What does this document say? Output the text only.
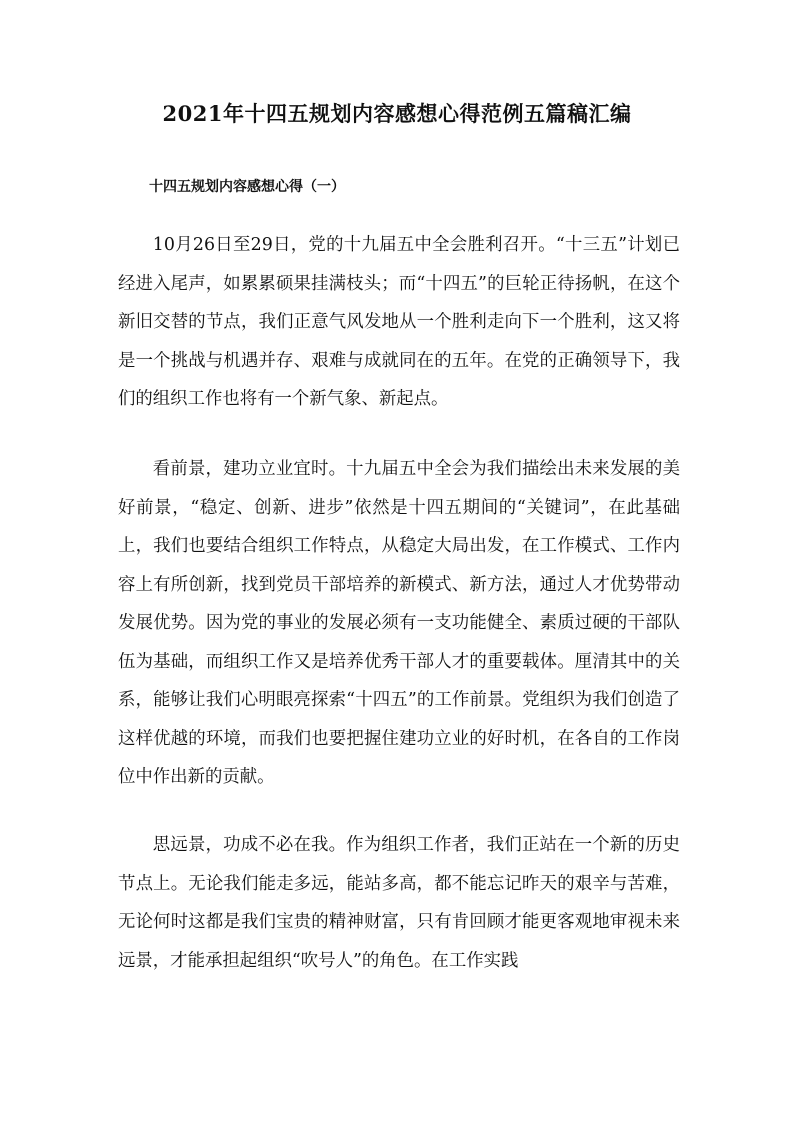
2021年十四五规划内容感想心得范例五篇稿汇编
十四五规划内容感想心得（一）

10月26日至29日，党的十九届五中全会胜利召开。“十三五”计划已经进入尾声，如累累硕果挂满枝头；而“十四五”的巨轮正待扬帆，在这个新旧交替的节点，我们正意气风发地从一个胜利走向下一个胜利，这又将是一个挑战与机遇并存、艰难与成就同在的五年。在党的正确领导下，我们的组织工作也将有一个新气象、新起点。

看前景，建功立业宜时。十九届五中全会为我们描绘出未来发展的美好前景，“稳定、创新、进步”依然是十四五期间的“关键词”，在此基础上，我们也要结合组织工作特点，从稳定大局出发，在工作模式、工作内容上有所创新，找到党员干部培养的新模式、新方法，通过人才优势带动发展优势。因为党的事业的发展必须有一支功能健全、素质过硬的干部队伍为基础，而组织工作又是培养优秀干部人才的重要载体。厘清其中的关系，能够让我们心明眼亮探索“十四五”的工作前景。党组织为我们创造了这样优越的环境，而我们也要把握住建功立业的好时机，在各自的工作岗位中作出新的贡献。

思远景，功成不必在我。作为组织工作者，我们正站在一个新的历史节点上。无论我们能走多远，能站多高，都不能忘记昨天的艰辛与苦难，无论何时这都是我们宝贵的精神财富，只有肯回顾才能更客观地审视未来远景，才能承担起组织“吹号人”的角色。在工作实践
